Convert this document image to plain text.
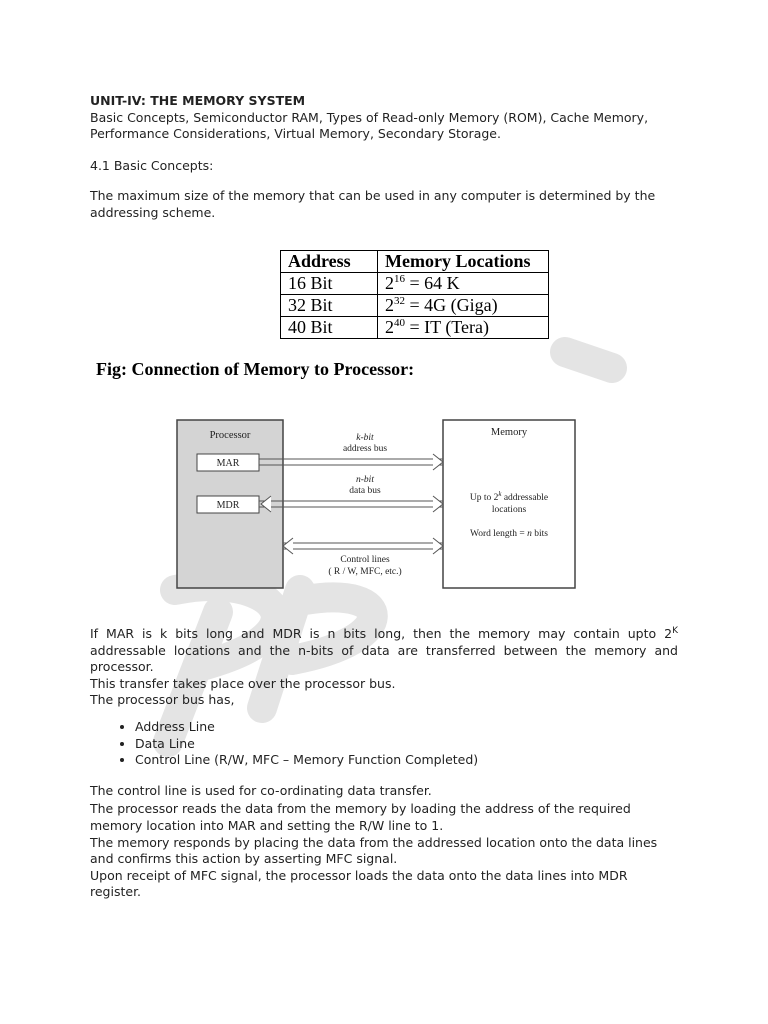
UNIT-IV: THE MEMORY SYSTEM

Basic Concepts, Semiconductor RAM, Types of Read-only Memory (ROM), Cache Memory, Performance Considerations, Virtual Memory, Secondary Storage.

4.1 Basic Concepts:

The maximum size of the memory that can be used in any computer is determined by the addressing scheme.

Address	Memory Locations
16 Bit	$2^{16} = 64$ K
32 Bit	$2^{32} = 4G$ (Giga)
40 Bit	$2^{40}$ = IT (Tera)
Fig: Connection of Memory to Processor:
Processor
MAR
MDR
Memory
Up to 2$^k$ addressable
locations
Word length = n bits
k-bit
address bus
n-bit
data bus
Control lines
( R / W, MFC, etc.)

If MAR is k bits long and MDR is n bits long, then the memory may contain upto $2^K$ addressable locations and the n-bits of data are transferred between the memory and processor.

This transfer takes place over the processor bus.

The processor bus has,

• Address Line
• Data Line
• Control Line (R/W, MFC – Memory Function Completed)

The control line is used for co-ordinating data transfer.

The processor reads the data from the memory by loading the address of the required memory location into MAR and setting the R/W line to 1.

The memory responds by placing the data from the addressed location onto the data lines and confirms this action by asserting MFC signal.

Upon receipt of MFC signal, the processor loads the data onto the data lines into MDR register.
